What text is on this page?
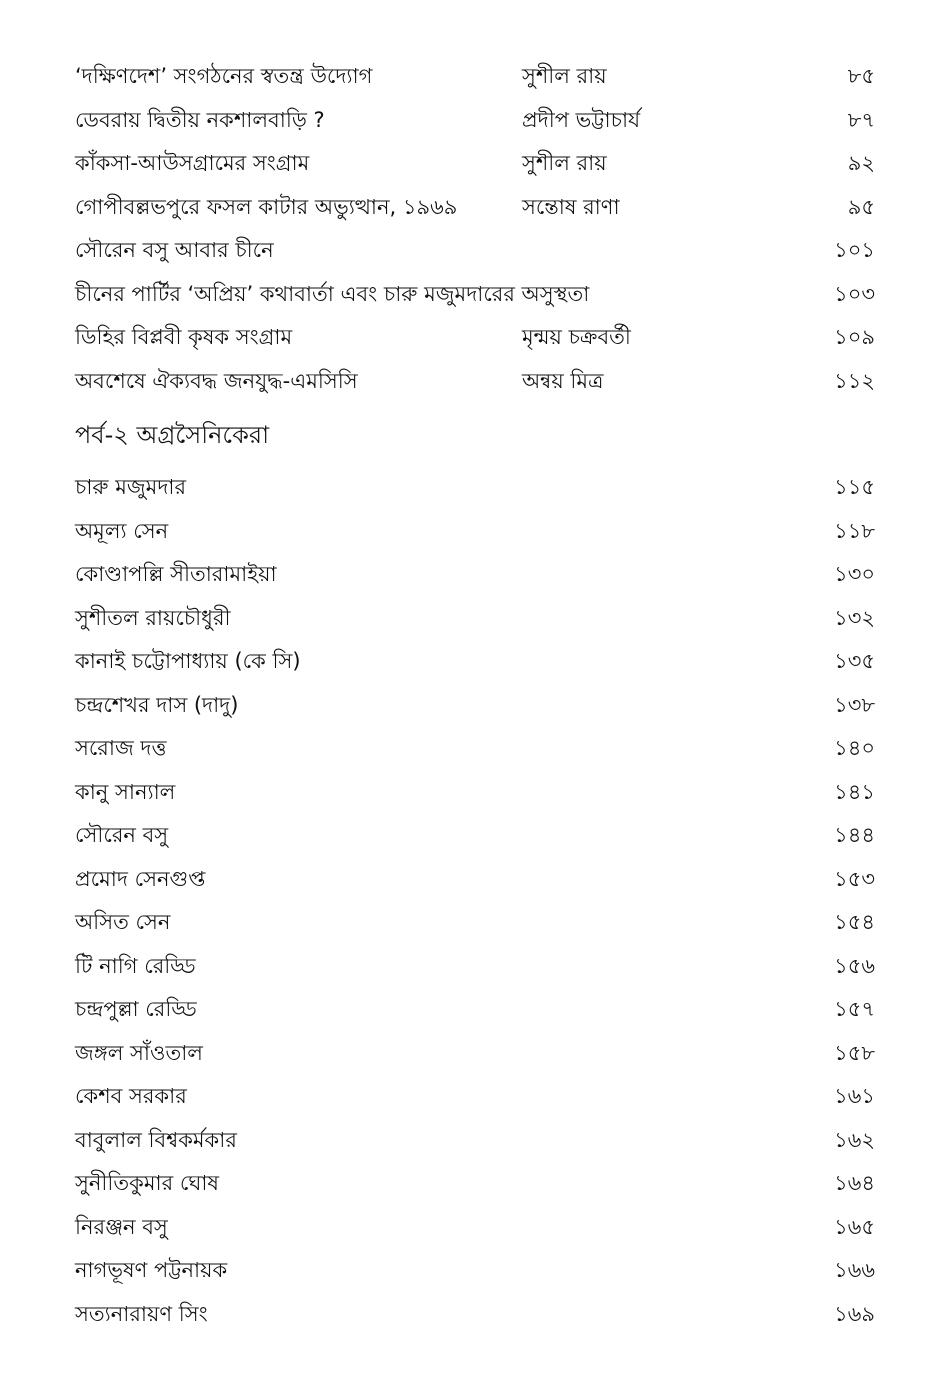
‘দক্ষিণদেশ’ সংগঠনের স্বতন্ত্র উদ্যোগ	সুশীল রায়	৮৫
ডেবরায় দ্বিতীয় নকশালবাড়ি ?	প্রদীপ ভট্টাচার্য	৮৭
কাঁকসা-আউসগ্রামের সংগ্রাম	সুশীল রায়	৯২
গোপীবল্লভপুরে ফসল কাটার অভ্যুত্থান, ১৯৬৯	সন্তোষ রাণা	৯৫
সৌরেন বসু আবার চীনে	১০১
চীনের পার্টির ‘অপ্রিয়’ কথাবার্তা এবং চারু মজুমদারের অসুস্থতা	১০৩
ডিহির বিপ্লবী কৃষক সংগ্রাম	মৃন্ময় চক্রবর্তী	১০৯
অবশেষে ঐক্যবদ্ধ জনযুদ্ধ-এমসিসি	অন্বয় মিত্র	১১২
পর্ব-২ অগ্রসৈনিকেরা
চারু মজুমদার	১১৫
অমূল্য সেন	১১৮
কোণ্ডাপল্লি সীতারামাইয়া	১৩০
সুশীতল রায়চৌধুরী	১৩২
কানাই চট্টোপাধ্যায় (কে সি)	১৩৫
চন্দ্রশেখর দাস (দাদু)	১৩৮
সরোজ দত্ত	১৪০
কানু সান্যাল	১৪১
সৌরেন বসু	১৪৪
প্রমোদ সেনগুপ্ত	১৫৩
অসিত সেন	১৫৪
টি নাগি রেড্ডি	১৫৬
চন্দ্রপুল্লা রেড্ডি	১৫৭
জঙ্গল সাঁওতাল	১৫৮
কেশব সরকার	১৬১
বাবুলাল বিশ্বকর্মকার	১৬২
সুনীতিকুমার ঘোষ	১৬৪
নিরঞ্জন বসু	১৬৫
নাগভূষণ পট্টনায়ক	১৬৬
সত্যনারায়ণ সিং	১৬৯
